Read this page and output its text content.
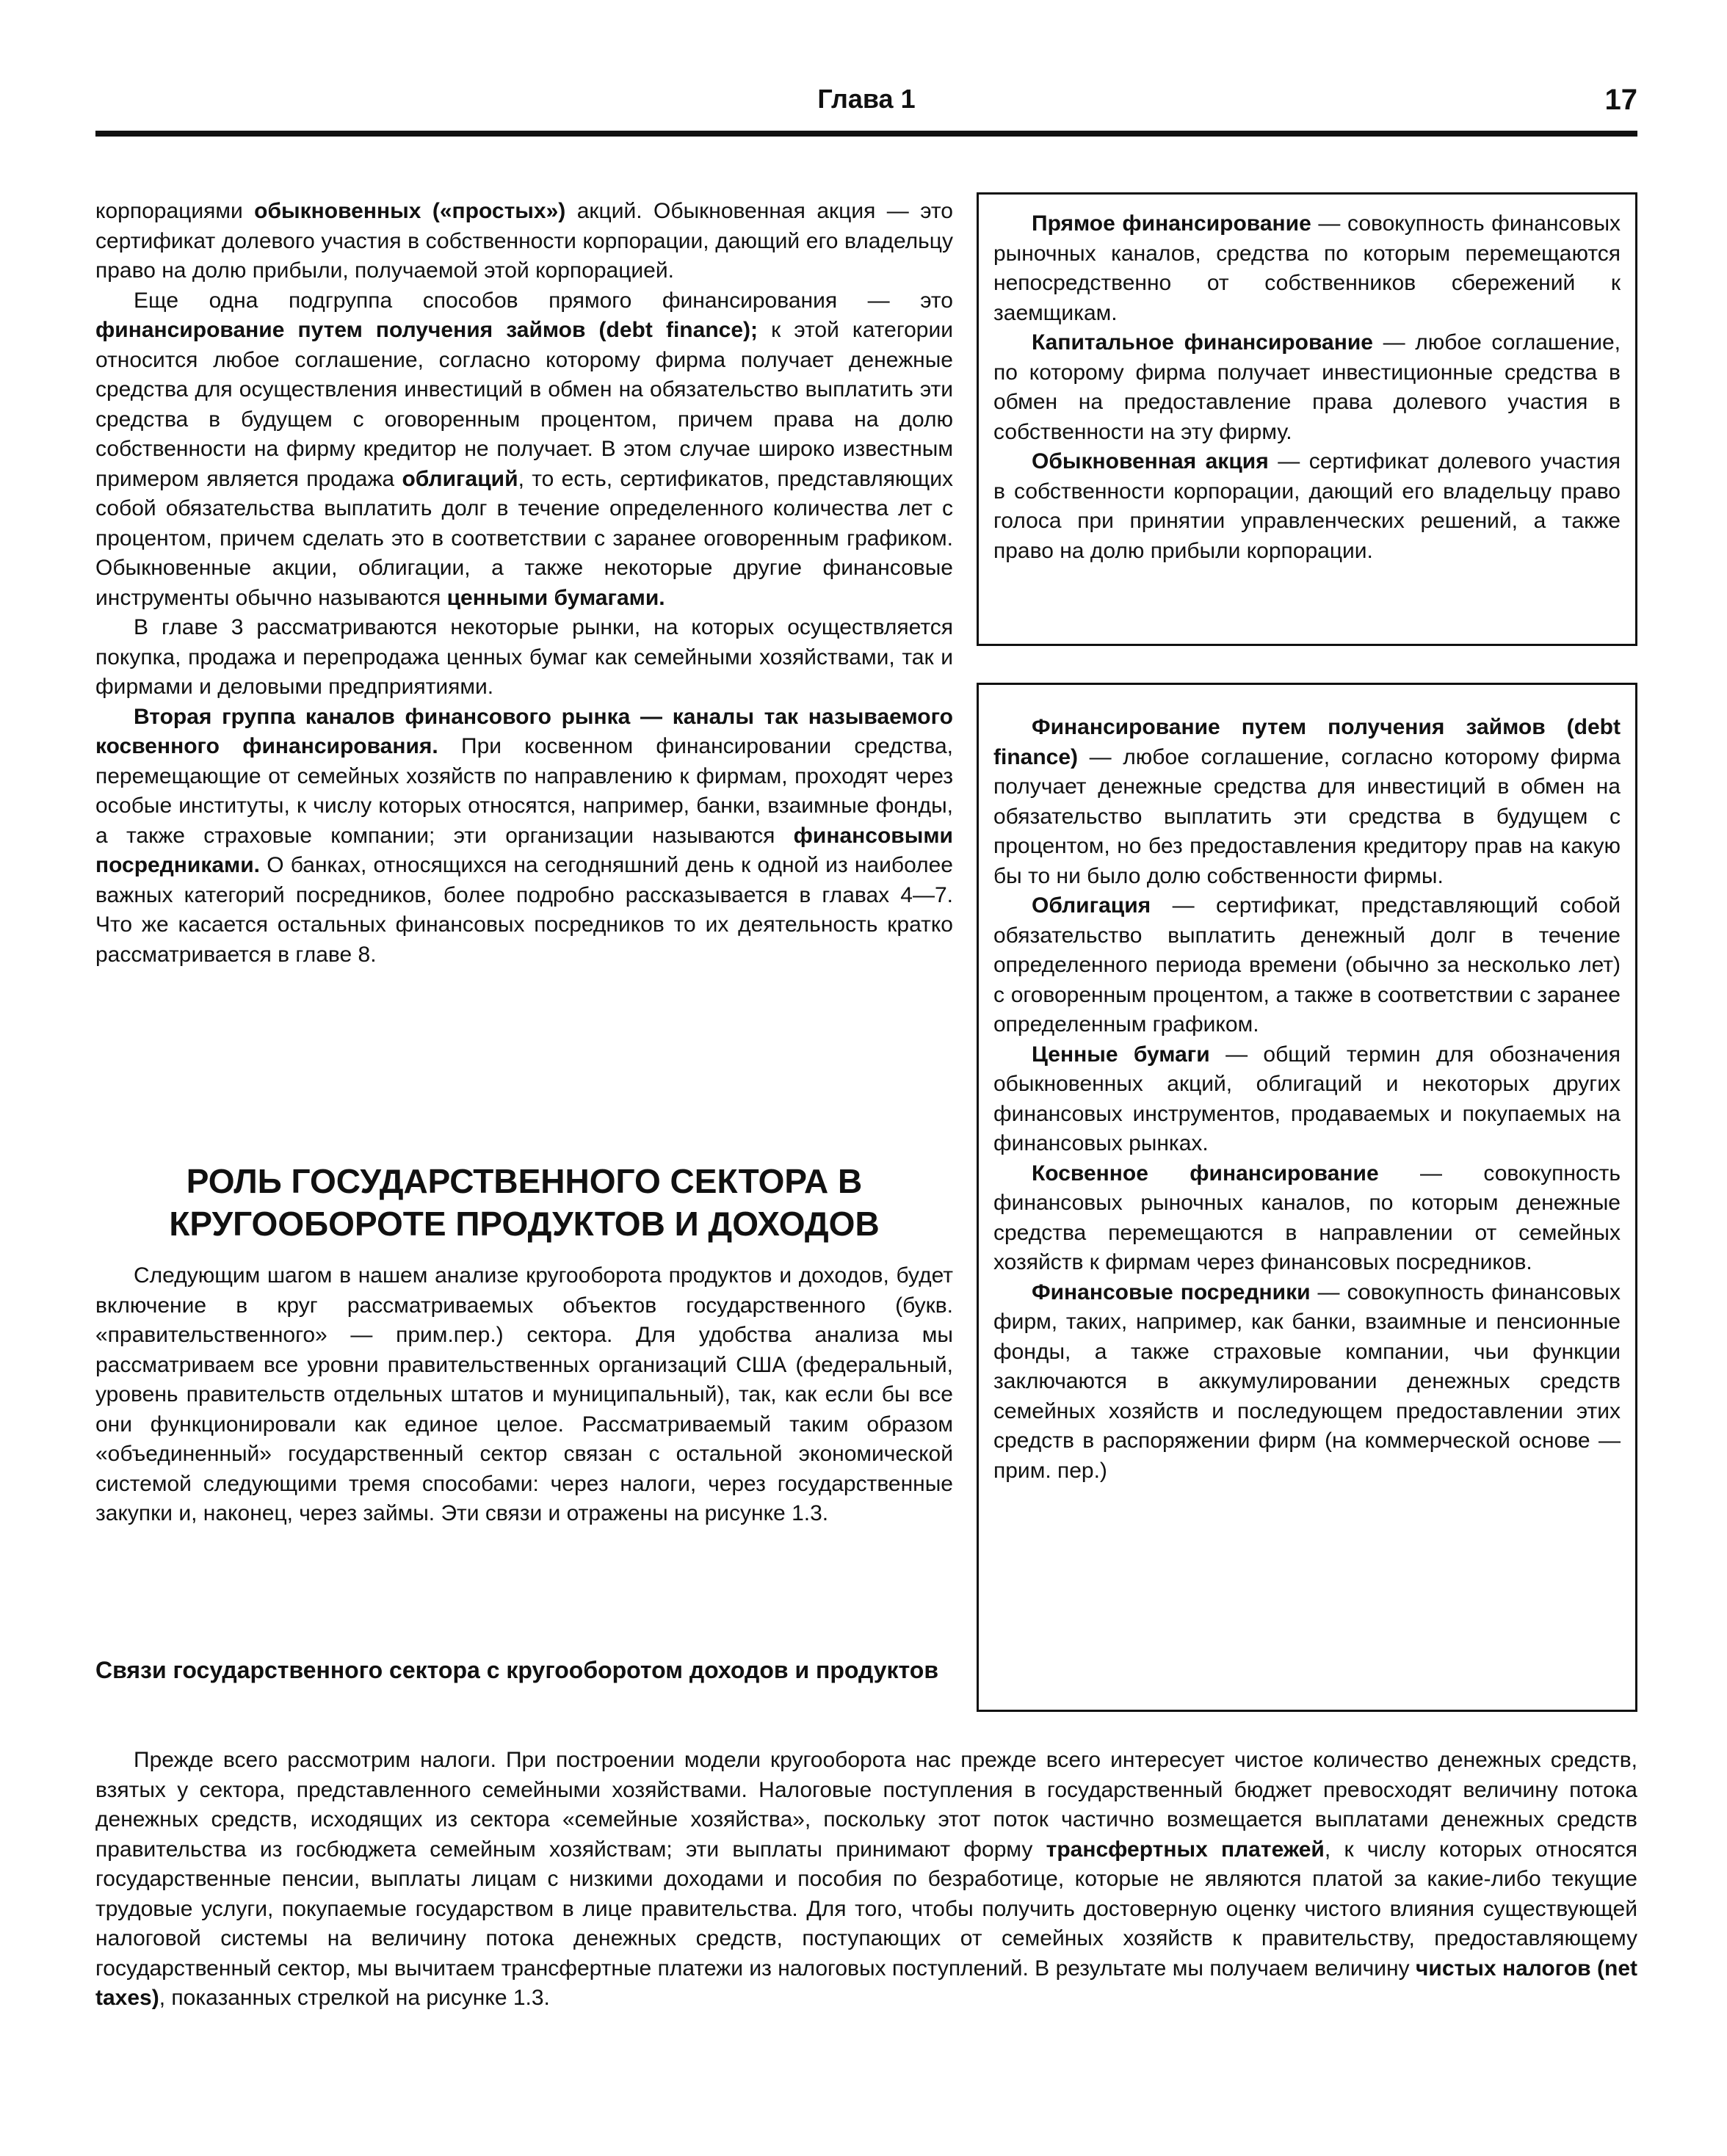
Глава 1	17

корпорациями обыкновенных («простых») акций. Обыкновенная акция — это сертификат долевого участия в собственности корпорации, дающий его владельцу право на долю прибыли, получаемой этой корпорацией.

Еще одна подгруппа способов прямого финансирования — это финансирование путем получения займов (debt finance); к этой категории относится любое соглашение, согласно которому фирма получает денежные средства для осуществления инвестиций в обмен на обязательство выплатить эти средства в будущем с оговоренным процентом, причем права на долю собственности на фирму кредитор не получает. В этом случае широко известным примером является продажа облигаций, то есть, сертификатов, представляющих собой обязательства выплатить долг в течение определенного количества лет с процентом, причем сделать это в соответствии с заранее оговоренным графиком. Обыкновенные акции, облигации, а также некоторые другие финансовые инструменты обычно называются ценными бумагами.

В главе 3 рассматриваются некоторые рынки, на которых осуществляется покупка, продажа и перепродажа ценных бумаг как семейными хозяйствами, так и фирмами и деловыми предприятиями.

Вторая группа каналов финансового рынка — каналы так называемого косвенного финансирования. При косвенном финансировании средства, перемещающие от семейных хозяйств по направлению к фирмам, проходят через особые институты, к числу которых относятся, например, банки, взаимные фонды, а также страховые компании; эти организации называются финансовыми посредниками. О банках, относящихся на сегодняшний день к одной из наиболее важных категорий посредников, более подробно рассказывается в главах 4—7. Что же касается остальных финансовых посредников то их деятельность кратко рассматривается в главе 8.

РОЛЬ ГОСУДАРСТВЕННОГО СЕКТОРА В
КРУГООБОРОТЕ ПРОДУКТОВ И ДОХОДОВ

Следующим шагом в нашем анализе кругооборота продуктов и доходов, будет включение в круг рассматриваемых объектов государственного (букв. «правительственного» — прим.пер.) сектора. Для удобства анализа мы рассматриваем все уровни правительственных организаций США (федеральный, уровень правительств отдельных штатов и муниципальный), так, как если бы все они функционировали как единое целое. Рассматриваемый таким образом «объединенный» государственный сектор связан с остальной экономической системой следующими тремя способами: через налоги, через государственные закупки и, наконец, через займы. Эти связи и отражены на рисунке 1.3.

Связи государственного сектора с кругооборотом доходов и продуктов

Прямое финансирование — совокупность финансовых рыночных каналов, средства по которым перемещаются непосредственно от собственников сбережений к заемщикам.

Капитальное финансирование — любое соглашение, по которому фирма получает инвестиционные средства в обмен на предоставление права долевого участия в собственности на эту фирму.

Обыкновенная акция — сертификат долевого участия в собственности корпорации, дающий его владельцу право голоса при принятии управленческих решений, а также право на долю прибыли корпорации.

Финансирование путем получения займов (debt finance) — любое соглашение, согласно которому фирма получает денежные средства для инвестиций в обмен на обязательство выплатить эти средства в будущем с процентом, но без предоставления кредитору прав на какую бы то ни было долю собственности фирмы.

Облигация — сертификат, представляющий собой обязательство выплатить денежный долг в течение определенного периода времени (обычно за несколько лет) с оговоренным процентом, а также в соответствии с заранее определенным графиком.

Ценные бумаги — общий термин для обозначения обыкновенных акций, облигаций и некоторых других финансовых инструментов, продаваемых и покупаемых на финансовых рынках.

Косвенное финансирование — совокупность финансовых рыночных каналов, по которым денежные средства перемещаются в направлении от семейных хозяйств к фирмам через финансовых посредников.

Финансовые посредники — совокупность финансовых фирм, таких, например, как банки, взаимные и пенсионные фонды, а также страховые компании, чьи функции заключаются в аккумулировании денежных средств семейных хозяйств и последующем предоставлении этих средств в распоряжении фирм (на коммерческой основе — прим. пер.)

Прежде всего рассмотрим налоги. При построении модели кругооборота нас прежде всего интересует чистое количество денежных средств, взятых у сектора, представленного семейными хозяйствами. Налоговые поступления в государственный бюджет превосходят величину потока денежных средств, исходящих из сектора «семейные хозяйства», поскольку этот поток частично возмещается выплатами денежных средств правительства из госбюджета семейным хозяйствам; эти выплаты принимают форму трансфертных платежей, к числу которых относятся государственные пенсии, выплаты лицам с низкими доходами и пособия по безработице, которые не являются платой за какие-либо текущие трудовые услуги, покупаемые государством в лице правительства. Для того, чтобы получить достоверную оценку чистого влияния существующей налоговой системы на величину потока денежных средств, поступающих от семейных хозяйств к правительству, предоставляющему государственный сектор, мы вычитаем трансфертные платежи из налоговых поступлений. В результате мы получаем величину чистых налогов (net taxes), показанных стрелкой на рисунке 1.3.
